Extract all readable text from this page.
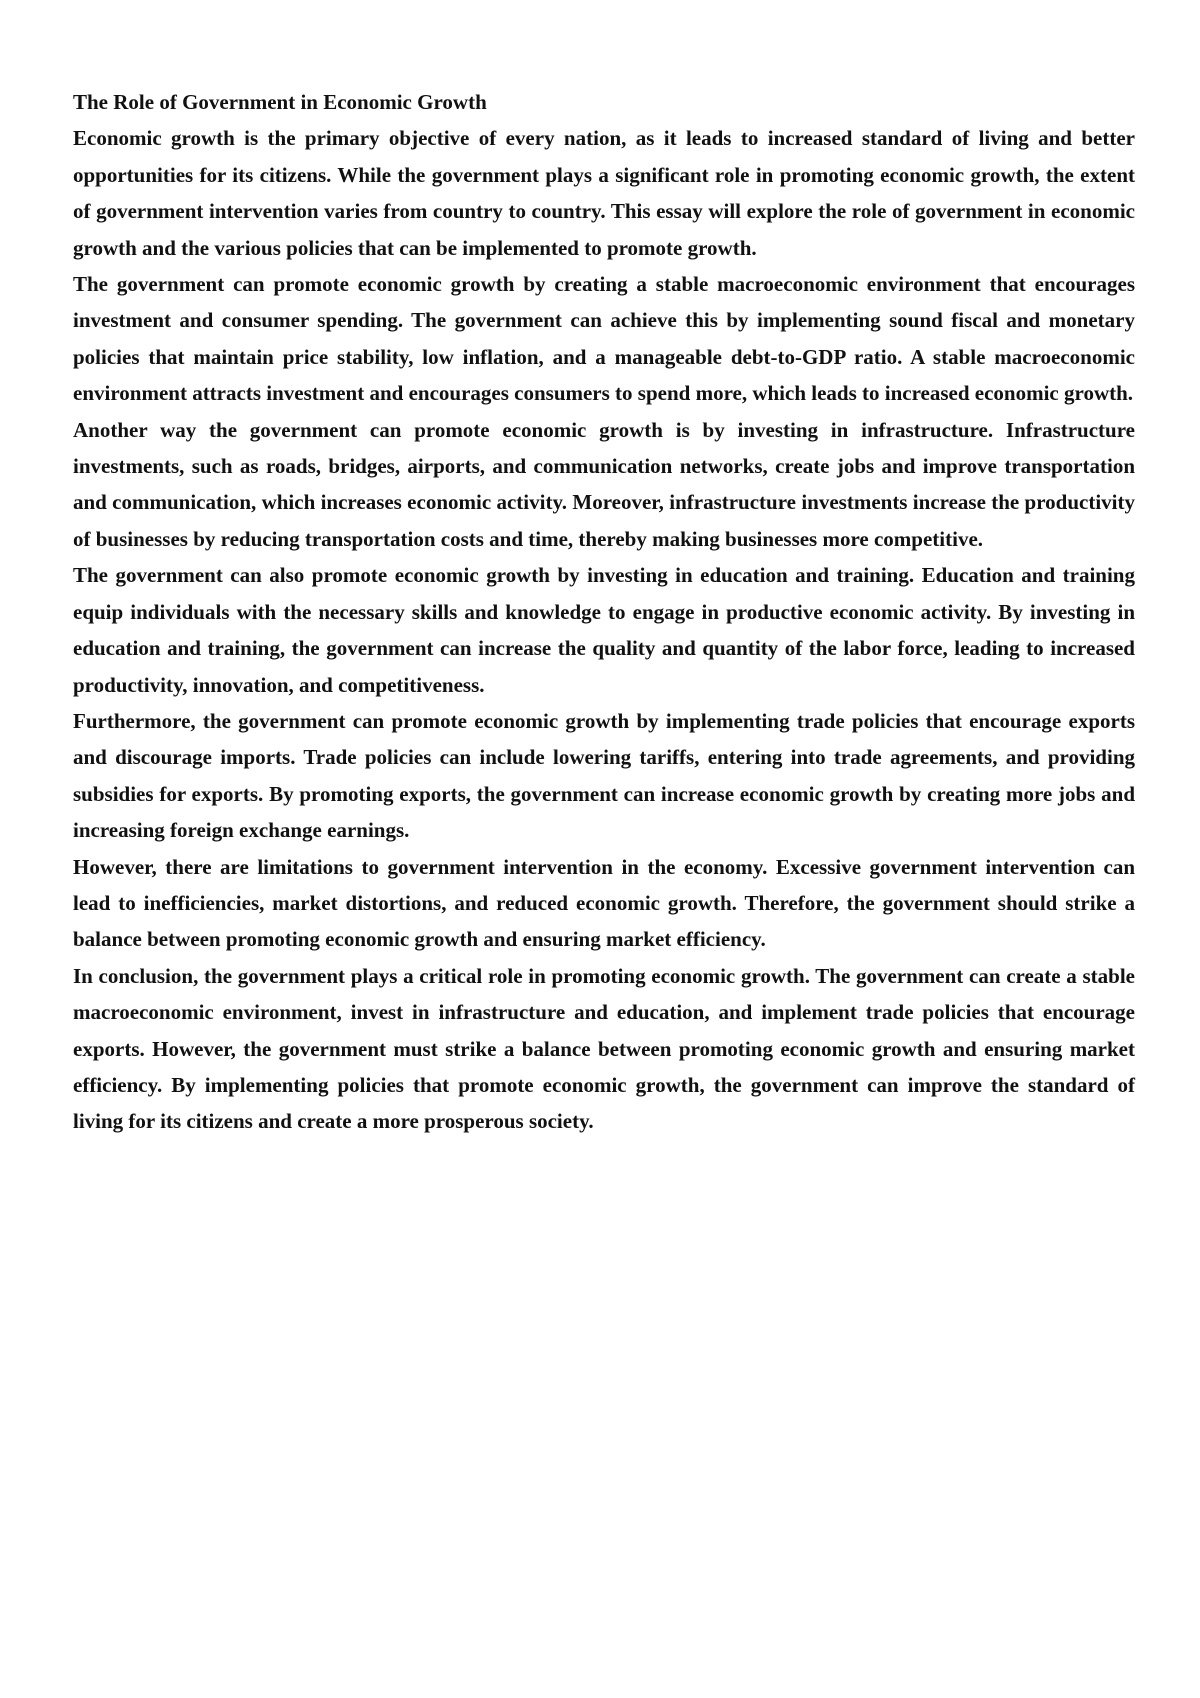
The Role of Government in Economic Growth

Economic growth is the primary objective of every nation, as it leads to increased standard of living and better opportunities for its citizens. While the government plays a significant role in promoting economic growth, the extent of government intervention varies from country to country. This essay will explore the role of government in economic growth and the various policies that can be implemented to promote growth.

The government can promote economic growth by creating a stable macroeconomic environment that encourages investment and consumer spending. The government can achieve this by implementing sound fiscal and monetary policies that maintain price stability, low inflation, and a manageable debt-to-GDP ratio. A stable macroeconomic environment attracts investment and encourages consumers to spend more, which leads to increased economic growth.

Another way the government can promote economic growth is by investing in infrastructure. Infrastructure investments, such as roads, bridges, airports, and communication networks, create jobs and improve transportation and communication, which increases economic activity. Moreover, infrastructure investments increase the productivity of businesses by reducing transportation costs and time, thereby making businesses more competitive.

The government can also promote economic growth by investing in education and training. Education and training equip individuals with the necessary skills and knowledge to engage in productive economic activity. By investing in education and training, the government can increase the quality and quantity of the labor force, leading to increased productivity, innovation, and competitiveness.

Furthermore, the government can promote economic growth by implementing trade policies that encourage exports and discourage imports. Trade policies can include lowering tariffs, entering into trade agreements, and providing subsidies for exports. By promoting exports, the government can increase economic growth by creating more jobs and increasing foreign exchange earnings.

However, there are limitations to government intervention in the economy. Excessive government intervention can lead to inefficiencies, market distortions, and reduced economic growth. Therefore, the government should strike a balance between promoting economic growth and ensuring market efficiency.

In conclusion, the government plays a critical role in promoting economic growth. The government can create a stable macroeconomic environment, invest in infrastructure and education, and implement trade policies that encourage exports. However, the government must strike a balance between promoting economic growth and ensuring market efficiency. By implementing policies that promote economic growth, the government can improve the standard of living for its citizens and create a more prosperous society.
